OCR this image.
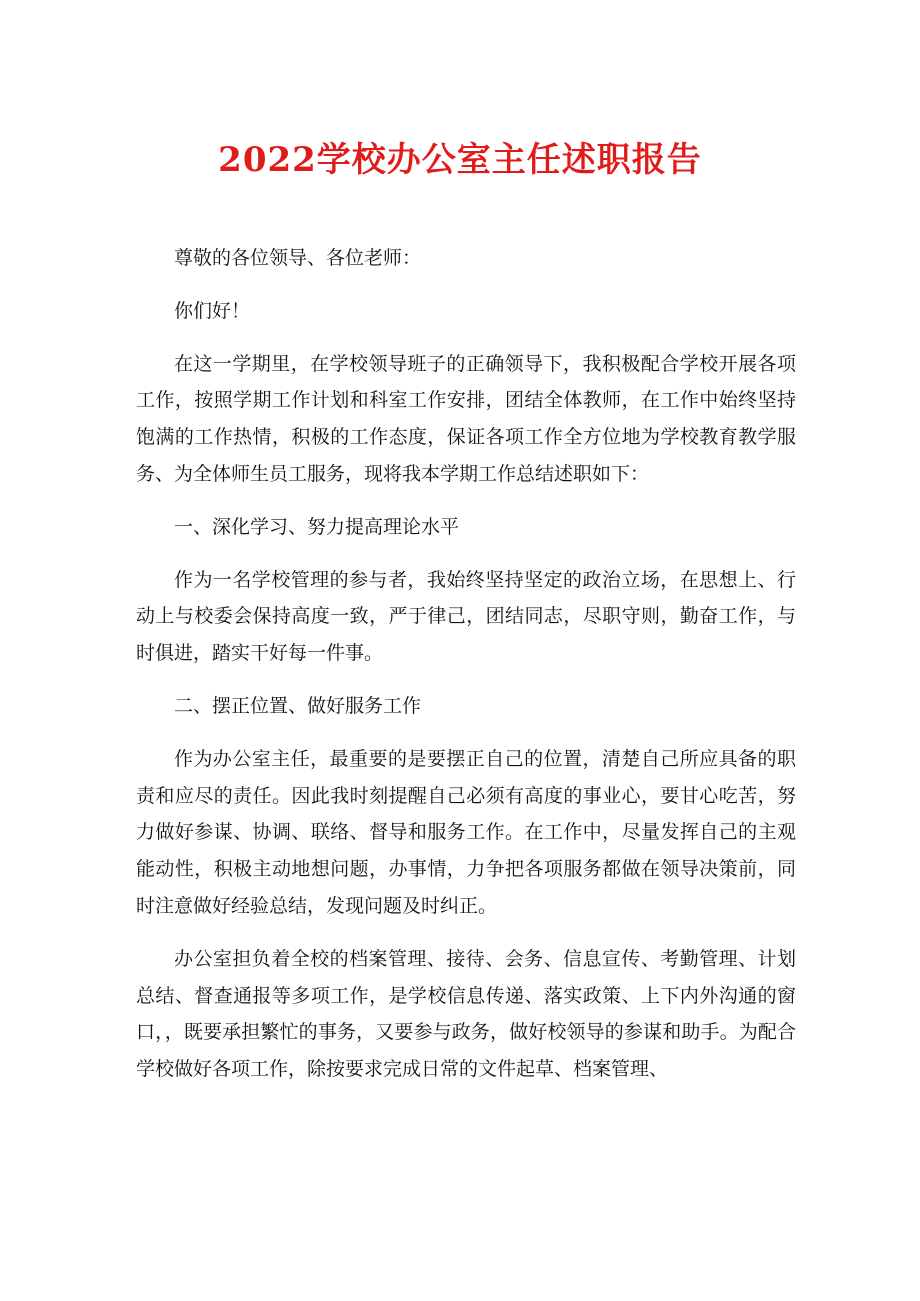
2022学校办公室主任述职报告

尊敬的各位领导、各位老师：

你们好！

在这一学期里，在学校领导班子的正确领导下，我积极配合学校开展各项工作，按照学期工作计划和科室工作安排，团结全体教师，在工作中始终坚持饱满的工作热情，积极的工作态度，保证各项工作全方位地为学校教育教学服务、为全体师生员工服务，现将我本学期工作总结述职如下：

一、深化学习、努力提高理论水平

作为一名学校管理的参与者，我始终坚持坚定的政治立场，在思想上、行动上与校委会保持高度一致，严于律己，团结同志，尽职守则，勤奋工作，与时俱进，踏实干好每一件事。

二、摆正位置、做好服务工作

作为办公室主任，最重要的是要摆正自己的位置，清楚自己所应具备的职责和应尽的责任。因此我时刻提醒自己必须有高度的事业心，要甘心吃苦，努力做好参谋、协调、联络、督导和服务工作。在工作中，尽量发挥自己的主观能动性，积极主动地想问题，办事情，力争把各项服务都做在领导决策前，同时注意做好经验总结，发现问题及时纠正。

办公室担负着全校的档案管理、接待、会务、信息宣传、考勤管理、计划总结、督查通报等多项工作，是学校信息传递、落实政策、上下内外沟通的窗口，，既要承担繁忙的事务，又要参与政务，做好校领导的参谋和助手。为配合学校做好各项工作，除按要求完成日常的文件起草、档案管理、
